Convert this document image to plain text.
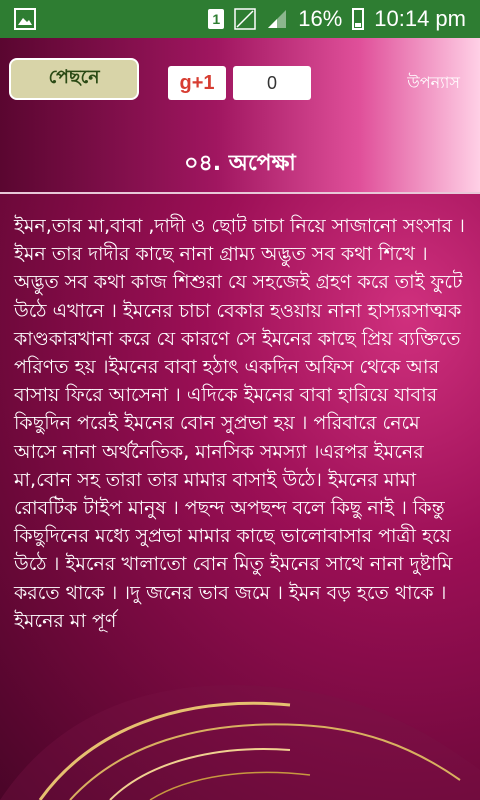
1	16% 10:14 pm
পেছনে	g+1	0	উপন্যাস
০৪. অপেক্ষা

ইমন,তার মা,বাবা ,দাদী ও ছোট চাচা নিয়ে সাজানো সংসার । ইমন তার দাদীর কাছে নানা গ্রাম্য অদ্ভুত সব কথা শিখে ।অদ্ভুত সব কথা কাজ শিশুরা যে সহজেই গ্রহণ করে তাই ফুটে উঠে এখানে । ইমনের চাচা বেকার হওয়ায় নানা হাস্যরসাত্মক কাণ্ডকারখানা করে যে কারণে সে ইমনের কাছে প্রিয় ব্যক্তিতে পরিণত হয় ।ইমনের বাবা হঠাৎ একদিন অফিস থেকে আর বাসায় ফিরে আসেনা । এদিকে ইমনের বাবা হারিয়ে যাবার কিছুদিন পরেই ইমনের বোন সুপ্রভা হয় । পরিবারে নেমে আসে নানা অর্থনৈতিক, মানসিক সমস্যা ।এরপর ইমনের মা,বোন সহ তারা তার মামার বাসাই উঠে। ইমনের মামা রোবটিক টাইপ মানুষ । পছন্দ অপছন্দ বলে কিছু নাই । কিন্তু কিছুদিনের মধ্যে সুপ্রভা মামার কাছে ভালোবাসার পাত্রী হয়ে উঠে । ইমনের খালাতো বোন মিতু ইমনের সাথে নানা দুষ্টামি করতে থাকে । ।দু জনের ভাব জমে । ইমন বড় হতে থাকে । ইমনের মা পূর্ণ
